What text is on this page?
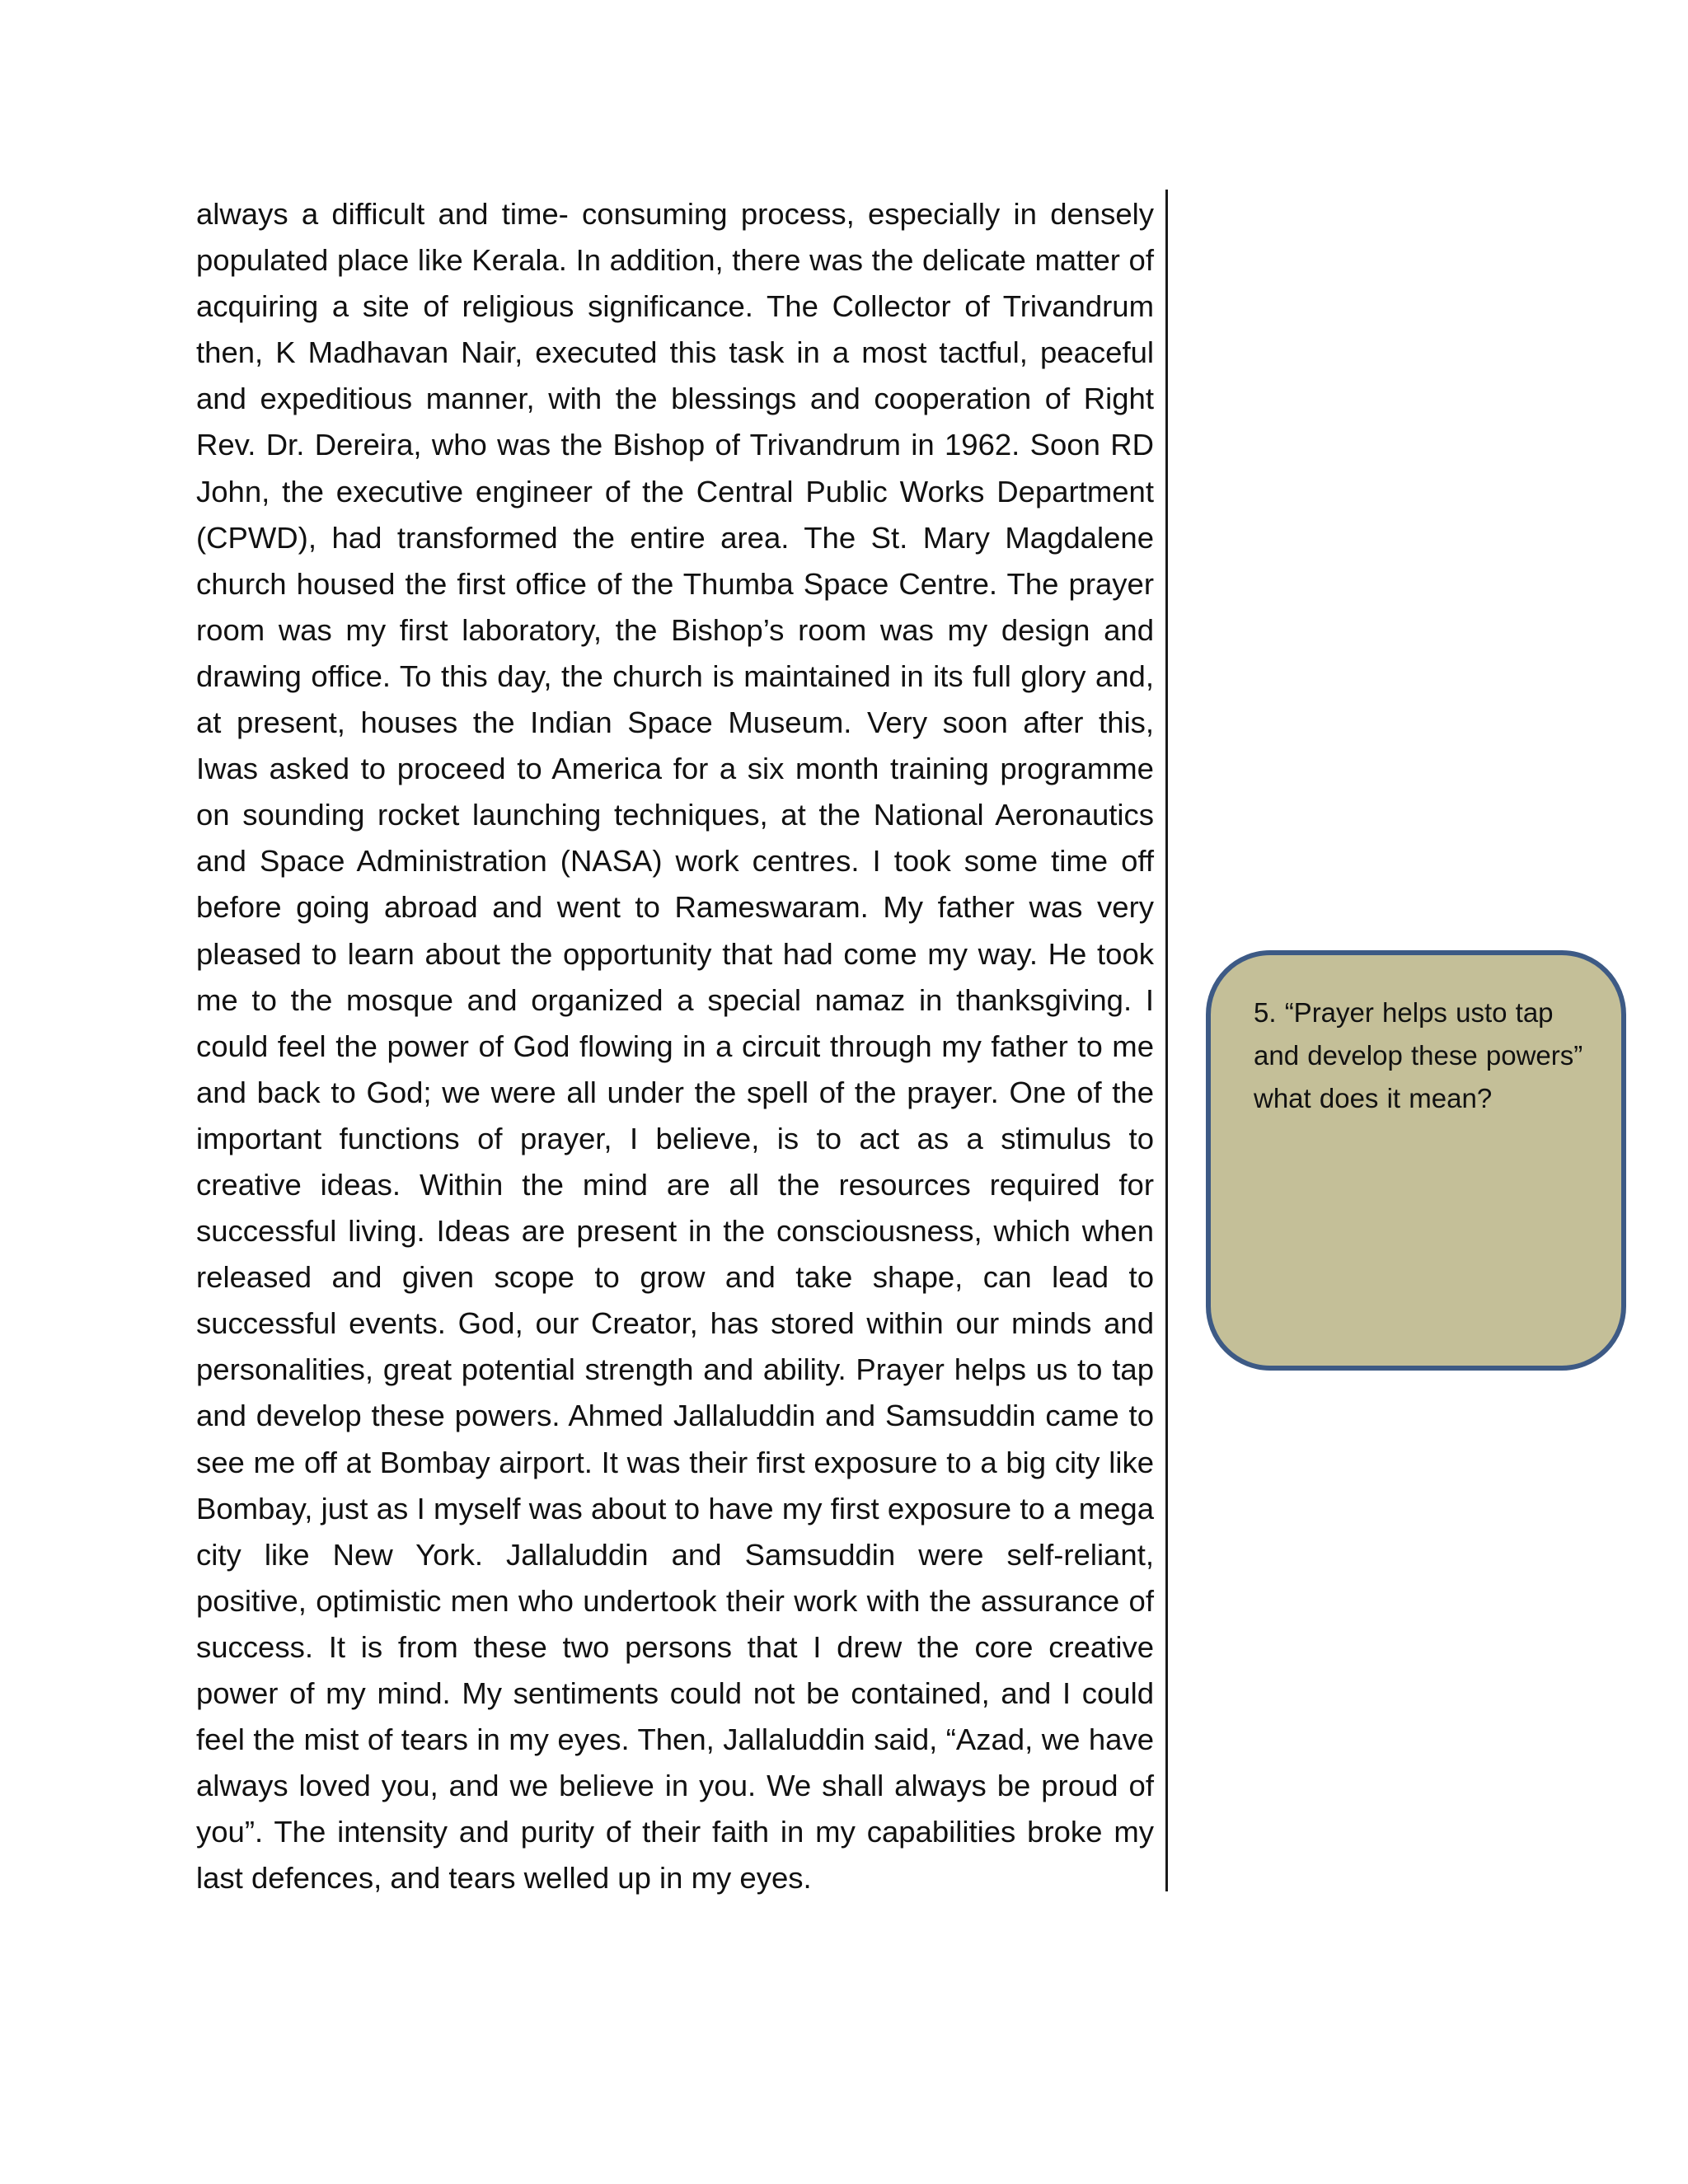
always a difficult and time- consuming process, especially in densely populated place like Kerala. In addition, there was the delicate matter of acquiring a site of religious significance. The Collector of Trivandrum then, K Madhavan Nair, executed this task in a most tactful, peaceful and expeditious manner, with the blessings and cooperation of Right Rev. Dr. Dereira, who was the Bishop of Trivandrum in 1962. Soon RD John, the executive engineer of the Central Public Works Department (CPWD), had transformed the entire area. The St. Mary Magdalene church housed the first office of the Thumba Space Centre. The prayer room was my first laboratory, the Bishop’s room was my design and drawing office. To this day, the church is maintained in its full glory and, at present, houses the Indian Space Museum. Very soon after this, Iwas asked to proceed to America for a six month training programme on sounding rocket launching techniques, at the National Aeronautics and Space Administration (NASA) work centres. I took some time off before going abroad and went to Rameswaram. My father was very pleased to learn about the opportunity that had come my way. He took me to the mosque and organized a special namaz in thanksgiving. I could feel the power of God flowing in a circuit through my father to me and back to God; we were all under the spell of the prayer. One of the important functions of prayer, I believe, is to act as a stimulus to creative ideas. Within the mind are all the resources required for successful living. Ideas are present in the consciousness, which when released and given scope to grow and take shape, can lead to successful events. God, our Creator, has stored within our minds and personalities, great potential strength and ability. Prayer helps us to tap and develop these powers. Ahmed Jallaluddin and Samsuddin came to see me off at Bombay airport. It was their first exposure to a big city like Bombay, just as I myself was about to have my first exposure to a mega city like New York. Jallaluddin and Samsuddin were self-reliant, positive, optimistic men who undertook their work with the assurance of success. It is from these two persons that I drew the core creative power of my mind. My sentiments could not be contained, and I could feel the mist of tears in my eyes. Then, Jallaluddin said, “Azad, we have always loved you, and we believe in you. We shall always be proud of you”. The intensity and purity of their faith in my capabilities broke my last defences, and tears welled up in my eyes.

5. “Prayer helps usto tap and develop these powers” what does it mean?
